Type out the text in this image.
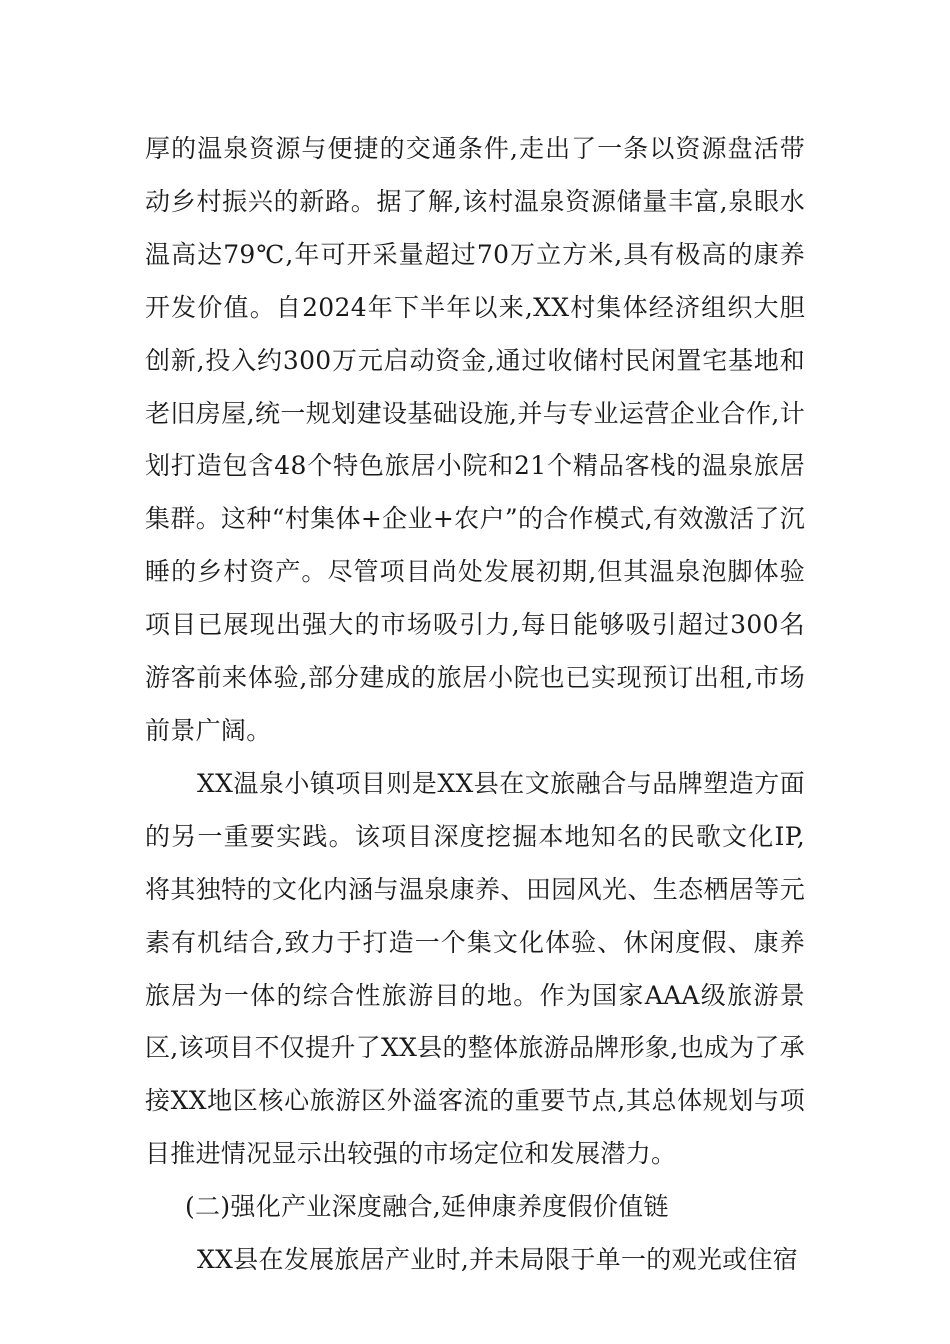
厚的温泉资源与便捷的交通条件,走出了一条以资源盘活带动乡村振兴的新路。据了解,该村温泉资源储量丰富,泉眼水温高达79℃,年可开采量超过70万立方米,具有极高的康养开发价值。自2024年下半年以来,XX村集体经济组织大胆创新,投入约300万元启动资金,通过收储村民闲置宅基地和老旧房屋,统一规划建设基础设施,并与专业运营企业合作,计划打造包含48个特色旅居小院和21个精品客栈的温泉旅居集群。这种“村集体+企业+农户”的合作模式,有效激活了沉睡的乡村资产。尽管项目尚处发展初期,但其温泉泡脚体验项目已展现出强大的市场吸引力,每日能够吸引超过300名游客前来体验,部分建成的旅居小院也已实现预订出租,市场前景广阔。

XX温泉小镇项目则是XX县在文旅融合与品牌塑造方面的另一重要实践。该项目深度挖掘本地知名的民歌文化IP,将其独特的文化内涵与温泉康养、田园风光、生态栖居等元素有机结合,致力于打造一个集文化体验、休闲度假、康养旅居为一体的综合性旅游目的地。作为国家AAA级旅游景区,该项目不仅提升了XX县的整体旅游品牌形象,也成为了承接XX地区核心旅游区外溢客流的重要节点,其总体规划与项目推进情况显示出较强的市场定位和发展潜力。

(二)强化产业深度融合,延伸康养度假价值链

XX县在发展旅居产业时,并未局限于单一的观光或住宿
